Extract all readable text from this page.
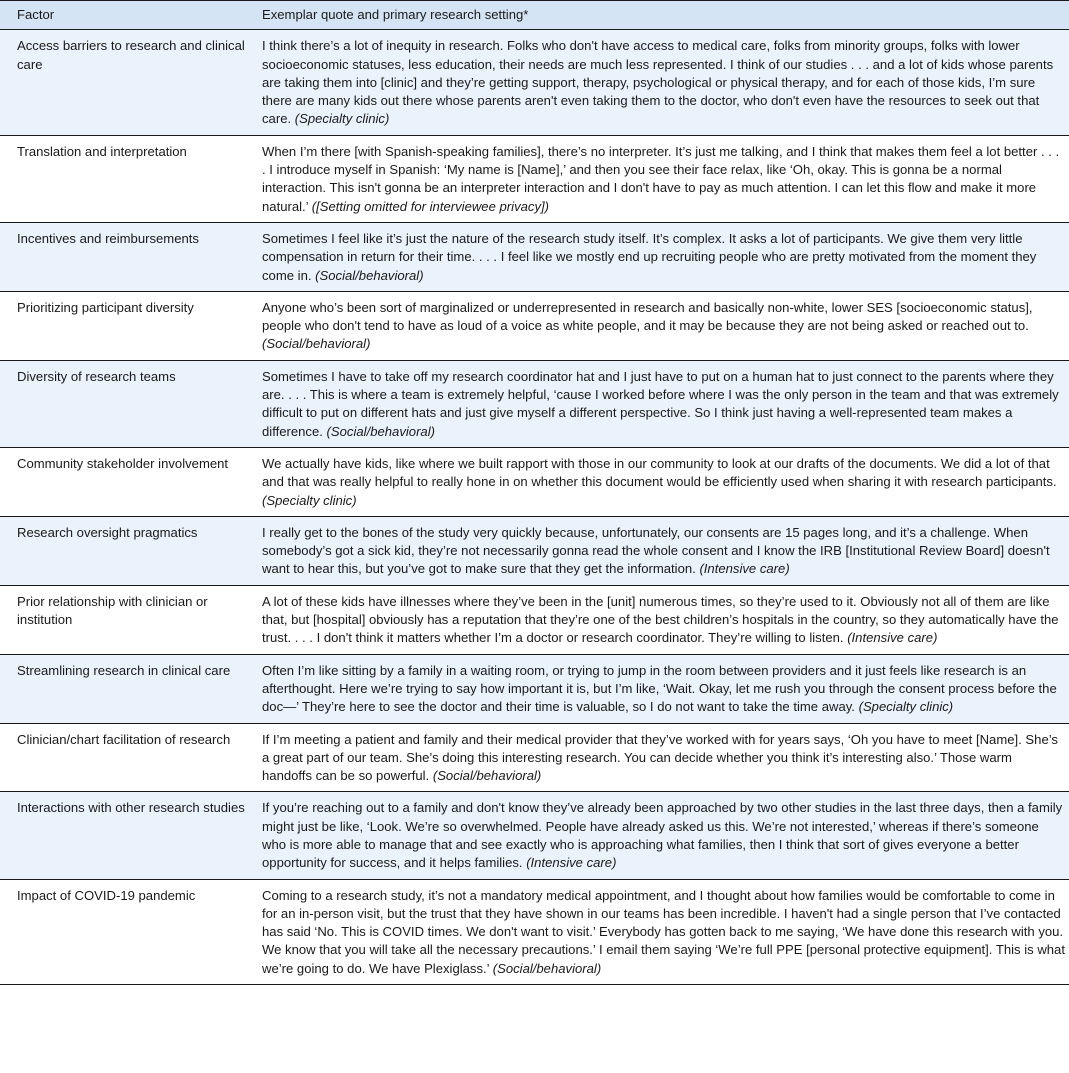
Factor	Exemplar quote and primary research setting*
Access barriers to research and clinical care	I think there’s a lot of inequity in research. Folks who don't have access to medical care, folks from minority groups, folks with lower socioeconomic statuses, less education, their needs are much less represented. I think of our studies . . . and a lot of kids whose parents are taking them into [clinic] and they’re getting support, therapy, psychological or physical therapy, and for each of those kids, I’m sure there are many kids out there whose parents aren't even taking them to the doctor, who don't even have the resources to seek out that care. (Specialty clinic)
Translation and interpretation	When I’m there [with Spanish-speaking families], there’s no interpreter. It’s just me talking, and I think that makes them feel a lot better . . . . I introduce myself in Spanish: ‘My name is [Name],’ and then you see their face relax, like ‘Oh, okay. This is gonna be a normal interaction. This isn't gonna be an interpreter interaction and I don't have to pay as much attention. I can let this flow and make it more natural.’ ([Setting omitted for interviewee privacy])
Incentives and reimbursements	Sometimes I feel like it’s just the nature of the research study itself. It’s complex. It asks a lot of participants. We give them very little compensation in return for their time. . . . I feel like we mostly end up recruiting people who are pretty motivated from the moment they come in. (Social/behavioral)
Prioritizing participant diversity	Anyone who’s been sort of marginalized or underrepresented in research and basically non-white, lower SES [socioeconomic status], people who don't tend to have as loud of a voice as white people, and it may be because they are not being asked or reached out to. (Social/behavioral)
Diversity of research teams	Sometimes I have to take off my research coordinator hat and I just have to put on a human hat to just connect to the parents where they are. . . . This is where a team is extremely helpful, ‘cause I worked before where I was the only person in the team and that was extremely difficult to put on different hats and just give myself a different perspective. So I think just having a well-represented team makes a difference. (Social/behavioral)
Community stakeholder involvement	We actually have kids, like where we built rapport with those in our community to look at our drafts of the documents. We did a lot of that and that was really helpful to really hone in on whether this document would be efficiently used when sharing it with research participants. (Specialty clinic)
Research oversight pragmatics	I really get to the bones of the study very quickly because, unfortunately, our consents are 15 pages long, and it’s a challenge. When somebody’s got a sick kid, they’re not necessarily gonna read the whole consent and I know the IRB [Institutional Review Board] doesn't want to hear this, but you’ve got to make sure that they get the information. (Intensive care)
Prior relationship with clinician or institution	A lot of these kids have illnesses where they’ve been in the [unit] numerous times, so they’re used to it. Obviously not all of them are like that, but [hospital] obviously has a reputation that they’re one of the best children’s hospitals in the country, so they automatically have the trust. . . . I don't think it matters whether I’m a doctor or research coordinator. They’re willing to listen. (Intensive care)
Streamlining research in clinical care	Often I’m like sitting by a family in a waiting room, or trying to jump in the room between providers and it just feels like research is an afterthought. Here we’re trying to say how important it is, but I’m like, ‘Wait. Okay, let me rush you through the consent process before the doc—’ They’re here to see the doctor and their time is valuable, so I do not want to take the time away. (Specialty clinic)
Clinician/chart facilitation of research	If I’m meeting a patient and family and their medical provider that they’ve worked with for years says, ‘Oh you have to meet [Name]. She’s a great part of our team. She’s doing this interesting research. You can decide whether you think it’s interesting also.’ Those warm handoffs can be so powerful. (Social/behavioral)
Interactions with other research studies	If you’re reaching out to a family and don't know they’ve already been approached by two other studies in the last three days, then a family might just be like, ‘Look. We’re so overwhelmed. People have already asked us this. We’re not interested,’ whereas if there’s someone who is more able to manage that and see exactly who is approaching what families, then I think that sort of gives everyone a better opportunity for success, and it helps families. (Intensive care)
Impact of COVID-19 pandemic	Coming to a research study, it’s not a mandatory medical appointment, and I thought about how families would be comfortable to come in for an in-person visit, but the trust that they have shown in our teams has been incredible. I haven't had a single person that I’ve contacted has said ‘No. This is COVID times. We don't want to visit.’ Everybody has gotten back to me saying, ‘We have done this research with you. We know that you will take all the necessary precautions.’ I email them saying ‘We’re full PPE [personal protective equipment]. This is what we’re going to do. We have Plexiglass.’ (Social/behavioral)
